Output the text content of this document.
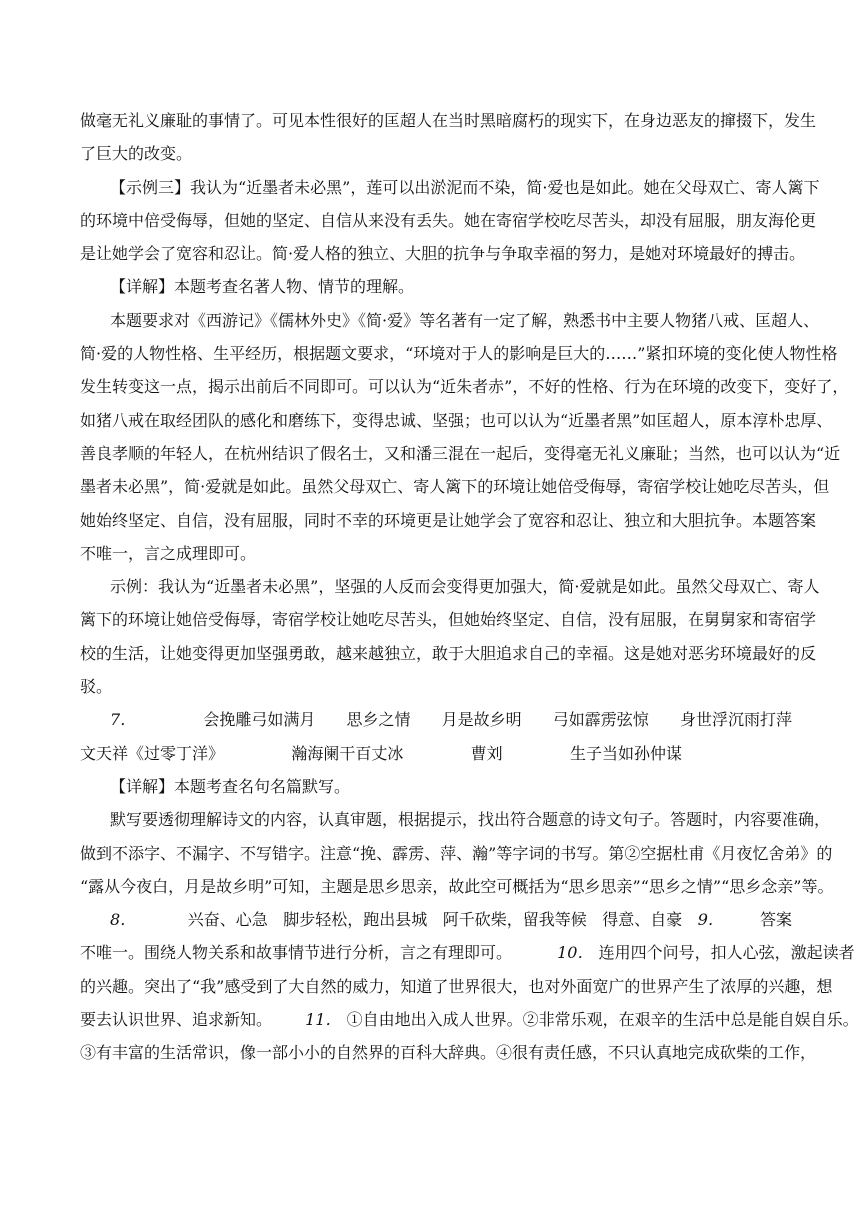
做毫无礼义廉耻的事情了。可见本性很好的匡超人在当时黑暗腐朽的现实下，在身边恶友的撺掇下，发生
了巨大的改变。
【示例三】我认为“近墨者未必黑”，莲可以出淤泥而不染，简·爱也是如此。她在父母双亡、寄人篱下
的环境中倍受侮辱，但她的坚定、自信从来没有丢失。她在寄宿学校吃尽苦头，却没有屈服，朋友海伦更
是让她学会了宽容和忍让。简·爱人格的独立、大胆的抗争与争取幸福的努力，是她对环境最好的搏击。
【详解】本题考查名著人物、情节的理解。
本题要求对《西游记》《儒林外史》《简·爱》等名著有一定了解，熟悉书中主要人物猪八戒、匡超人、
简·爱的人物性格、生平经历，根据题文要求，“环境对于人的影响是巨大的……”紧扣环境的变化使人物性格
发生转变这一点，揭示出前后不同即可。可以认为“近朱者赤”，不好的性格、行为在环境的改变下，变好了，
如猪八戒在取经团队的感化和磨练下，变得忠诚、坚强；也可以认为“近墨者黑”如匡超人，原本淳朴忠厚、
善良孝顺的年轻人，在杭州结识了假名士，又和潘三混在一起后，变得毫无礼义廉耻；当然，也可以认为“近
墨者未必黑”，简·爱就是如此。虽然父母双亡、寄人篱下的环境让她倍受侮辱，寄宿学校让她吃尽苦头，但
她始终坚定、自信，没有屈服，同时不幸的环境更是让她学会了宽容和忍让、独立和大胆抗争。本题答案
不唯一，言之成理即可。
示例：我认为“近墨者未必黑”，坚强的人反而会变得更加强大，简·爱就是如此。虽然父母双亡、寄人
篱下的环境让她倍受侮辱，寄宿学校让她吃尽苦头，但她始终坚定、自信，没有屈服，在舅舅家和寄宿学
校的生活，让她变得更加坚强勇敢，越来越独立，敢于大胆追求自己的幸福。这是她对恶劣环境最好的反
驳。
7．	会挽雕弓如满月 思乡之情 月是故乡明 弓如霹雳弦惊 身世浮沉雨打萍
文天祥《过零丁洋》	瀚海阑干百丈冰	曹刘	生子当如孙仲谋
【详解】本题考查名句名篇默写。
默写要透彻理解诗文的内容，认真审题，根据提示，找出符合题意的诗文句子。答题时，内容要准确，
做到不添字、不漏字、不写错字。注意“挽、霹雳、萍、瀚”等字词的书写。第②空据杜甫《月夜忆舍弟》的
“露从今夜白，月是故乡明”可知，主题是思乡思亲，故此空可概括为“思乡思亲”“思乡之情”“思乡念亲”等。
8．	兴奋、心急 脚步轻松，跑出县城 阿千砍柴，留我等候 得意、自豪 9． 答案
不唯一。围绕人物关系和故事情节进行分析，言之有理即可。	10． 连用四个问号，扣人心弦，激起读者
的兴趣。突出了“我”感受到了大自然的威力，知道了世界很大，也对外面宽广的世界产生了浓厚的兴趣，想
要去认识世界、追求新知。 11． ①自由地出入成人世界。②非常乐观，在艰辛的生活中总是能自娱自乐。
③有丰富的生活常识，像一部小小的自然界的百科大辞典。④很有责任感，不只认真地完成砍柴的工作，
